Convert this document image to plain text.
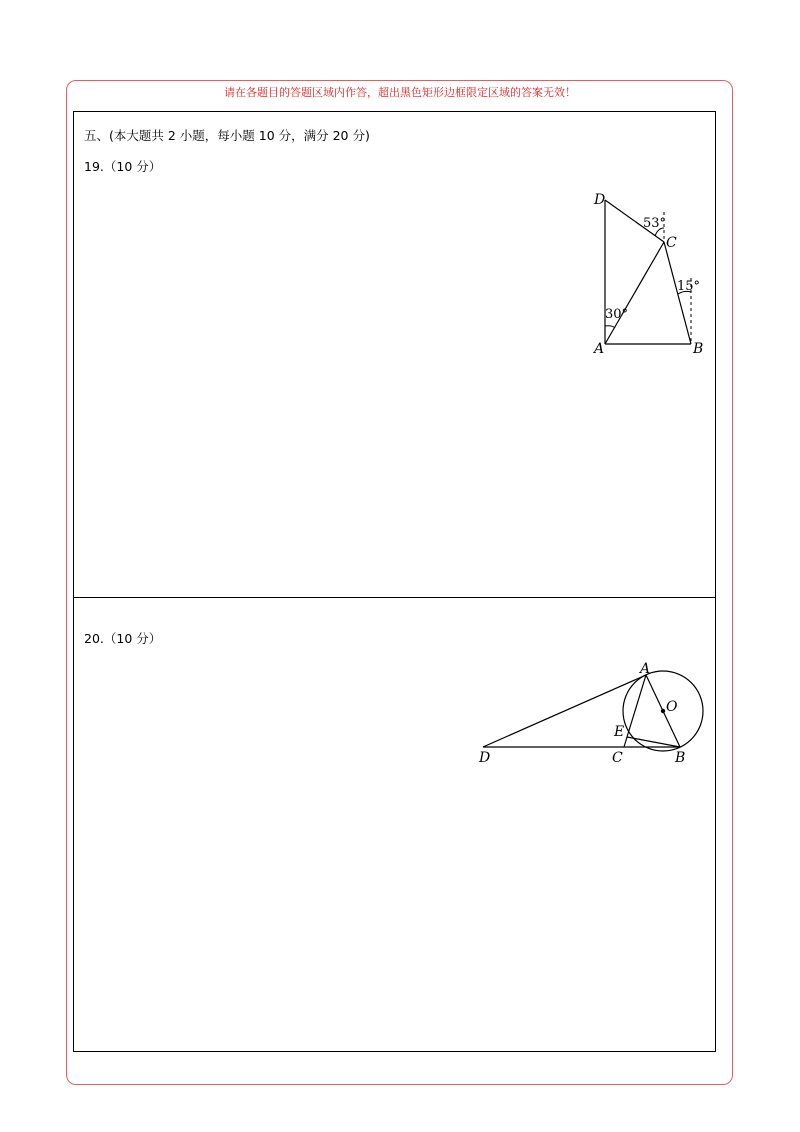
请在各题目的答题区域内作答，超出黑色矩形边框限定区域的答案无效！
五、(本大题共 2 小题，每小题 10 分，满分 20 分)
19.（10 分）
20.（10 分）
D
C
A	B
53°
15°
30°
A
O
E
D	C	B
